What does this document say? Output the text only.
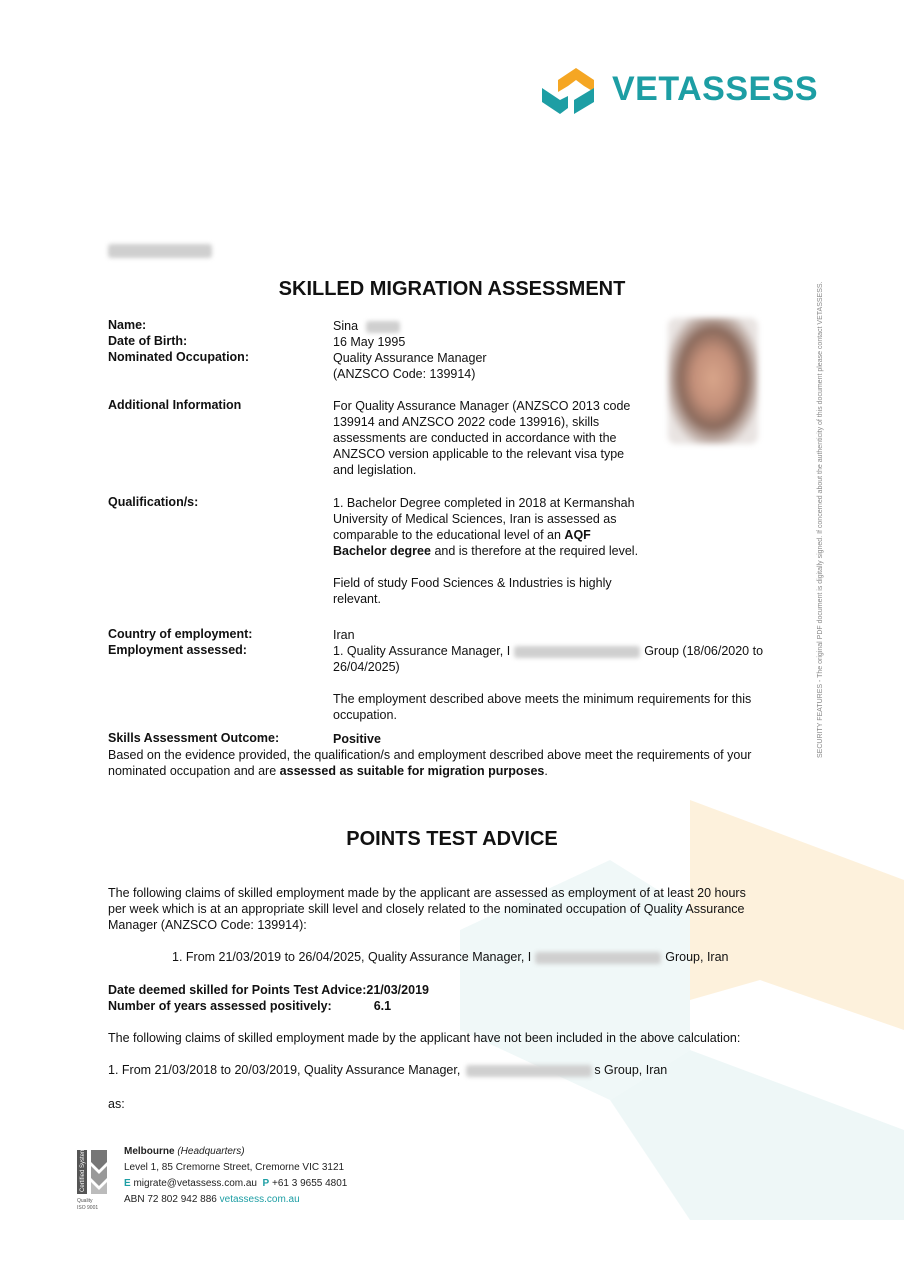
VETASSESS
SECURITY FEATURES - The original PDF document is digitally signed. If concerned about the authenticity of this document please contact VETASSESS.
SKILLED MIGRATION ASSESSMENT
Name:	Sina
Date of Birth:	16 May 1995
Nominated Occupation:	Quality Assurance Manager
(ANZSCO Code: 139914)
Additional Information	For Quality Assurance Manager (ANZSCO 2013 code
139914 and ANZSCO 2022 code 139916), skills
assessments are conducted in accordance with the
ANZSCO version applicable to the relevant visa type
and legislation.
Qualification/s:	1. Bachelor Degree completed in 2018 at Kermanshah
University of Medical Sciences, Iran is assessed as
comparable to the educational level of an AQF
Bachelor degree and is therefore at the required level.
Field of study Food Sciences & Industries is highly
relevant.
Country of employment:	Iran
Employment assessed:	1. Quality Assurance Manager, I	Group (18/06/2020 to
26/04/2025)
The employment described above meets the minimum requirements for this
occupation.
Skills Assessment Outcome:	Positive
Based on the evidence provided, the qualification/s and employment described above meet the requirements of your
nominated occupation and are assessed as suitable for migration purposes.
POINTS TEST ADVICE
The following claims of skilled employment made by the applicant are assessed as employment of at least 20 hours
per week which is at an appropriate skill level and closely related to the nominated occupation of Quality Assurance
Manager (ANZSCO Code: 139914):
1. From 21/03/2019 to 26/04/2025, Quality Assurance Manager, I	Group, Iran
Date deemed skilled for Points Test Advice:21/03/2019
Number of years assessed positively:	6.1
The following claims of skilled employment made by the applicant have not been included in the above calculation:
1. From 21/03/2018 to 20/03/2019, Quality Assurance Manager,	s Group, Iran
as:
Certified System
Quality
ISO 9001
Melbourne (Headquarters)
Level 1, 85 Cremorne Street, Cremorne VIC 3121
E migrate@vetassess.com.au P +61 3 9655 4801
ABN 72 802 942 886 vetassess.com.au
